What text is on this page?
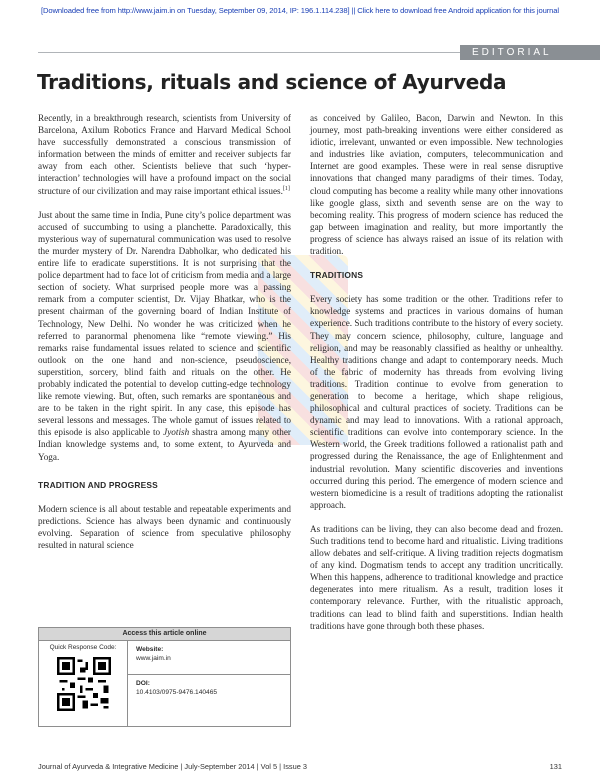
[Downloaded free from http://www.jaim.in on Tuesday, September 09, 2014, IP: 196.1.114.238] || Click here to download free Android application for this journal
EDITORIAL
Traditions, rituals and science of Ayurveda

Recently, in a breakthrough research, scientists from University of Barcelona, Axilum Robotics France and Harvard Medical School have successfully demonstrated a conscious transmission of information between the minds of emitter and receiver subjects far away from each other. Scientists believe that such ‘hyper-interaction’ technologies will have a profound impact on the social structure of our civilization and may raise important ethical issues.[1]

Just about the same time in India, Pune city’s police department was accused of succumbing to using a planchette. Paradoxically, this mysterious way of supernatural communication was used to resolve the murder mystery of Dr. Narendra Dabholkar, who dedicated his entire life to eradicate superstitions. It is not surprising that the police department had to face lot of criticism from media and a large section of society. What surprised people more was a passing remark from a computer scientist, Dr. Vijay Bhatkar, who is the present chairman of the governing board of Indian Institute of Technology, New Delhi. No wonder he was criticized when he referred to paranormal phenomena like “remote viewing.” His remarks raise fundamental issues related to science and scientific outlook on the one hand and non-science, pseudoscience, superstition, sorcery, blind faith and rituals on the other. He probably indicated the potential to develop cutting-edge technology like remote viewing. But, often, such remarks are spontaneous and are to be taken in the right spirit. In any case, this episode has several lessons and messages. The whole gamut of issues related to this episode is also applicable to Jyotish shastra among many other Indian knowledge systems and, to some extent, to Ayurveda and Yoga.

TRADITION AND PROGRESS

Modern science is all about testable and repeatable experiments and predictions. Science has always been dynamic and continuously evolving. Separation of science from speculative philosophy resulted in natural science

as conceived by Galileo, Bacon, Darwin and Newton. In this journey, most path-breaking inventions were either considered as idiotic, irrelevant, unwanted or even impossible. New technologies and industries like aviation, computers, telecommunication and Internet are good examples. These were in real sense disruptive innovations that changed many paradigms of their times. Today, cloud computing has become a reality while many other innovations like google glass, sixth and seventh sense are on the way to becoming reality. This progress of modern science has reduced the gap between imagination and reality, but more importantly the progress of science has always raised an issue of its relation with tradition.

TRADITIONS

Every society has some tradition or the other. Traditions refer to knowledge systems and practices in various domains of human experience. Such traditions contribute to the history of every society. They may concern science, philosophy, culture, language and religion, and may be reasonably classified as healthy or unhealthy. Healthy traditions change and adapt to contemporary needs. Much of the fabric of modernity has threads from evolving living traditions. Tradition continue to evolve from generation to generation to become a heritage, which shape religious, philosophical and cultural practices of society. Traditions can be dynamic and may lead to innovations. With a rational approach, scientific traditions can evolve into contemporary science. In the Western world, the Greek traditions followed a rationalist path and progressed during the Renaissance, the age of Enlightenment and industrial revolution. Many scientific discoveries and inventions occurred during this period. The emergence of modern science and western biomedicine is a result of traditions adopting the rationalist approach.

As traditions can be living, they can also become dead and frozen. Such traditions tend to become hard and ritualistic. Living traditions allow debates and self-critique. A living tradition rejects dogmatism of any kind. Dogmatism tends to accept any tradition uncritically. When this happens, adherence to traditional knowledge and practice degenerates into mere ritualism. As a result, tradition loses it contemporary relevance. Further, with the ritualistic approach, traditions can lead to blind faith and superstitions. Indian health traditions have gone through both these phases.

Access this article online
Quick Response Code:	Website:
www.jaim.in
DOI:
10.4103/0975-9476.140465
Journal of Ayurveda & Integrative Medicine | July-September 2014 | Vol 5 | Issue 3	131
